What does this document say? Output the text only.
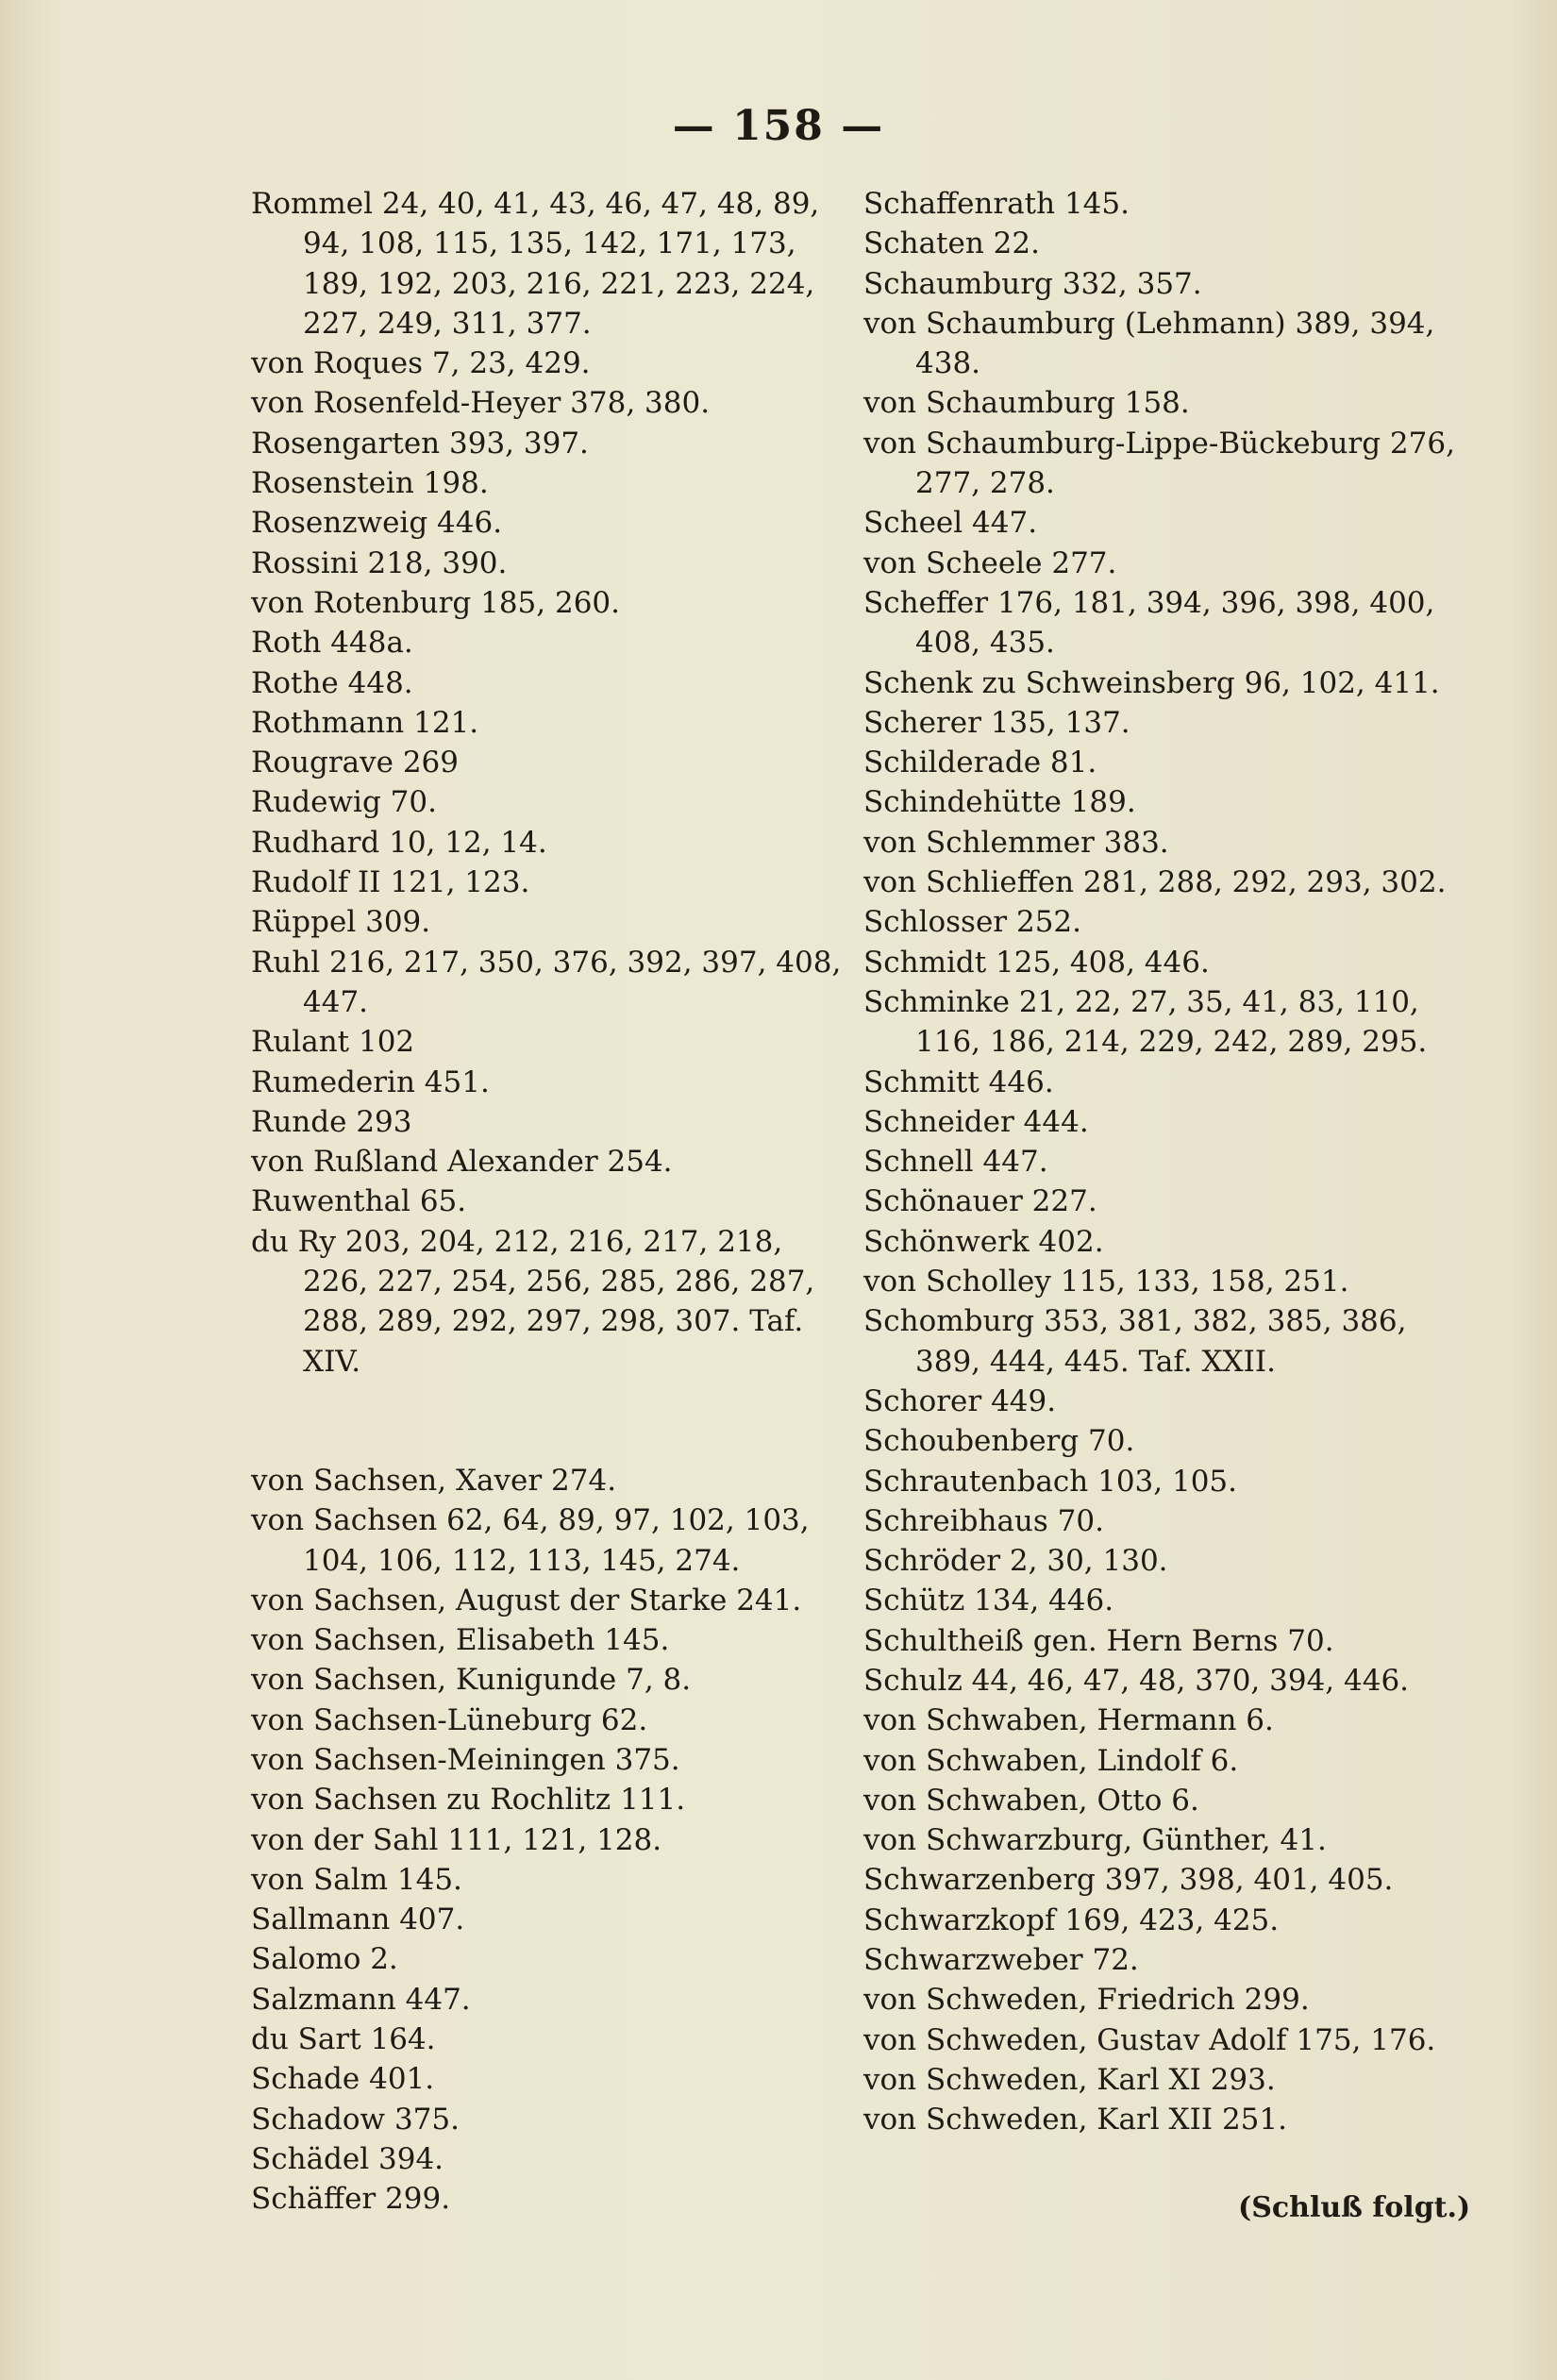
— 158 —

Rommel 24, 40, 41, 43, 46, 47, 48, 89, 94, 108, 115, 135, 142, 171, 173, 189, 192, 203, 216, 221, 223, 224, 227, 249, 311, 377.

von Roques 7, 23, 429.

von Rosenfeld-Heyer 378, 380.

Rosengarten 393, 397.

Rosenstein 198.

Rosenzweig 446.

Rossini 218, 390.

von Rotenburg 185, 260.

Roth 448a.

Rothe 448.

Rothmann 121.

Rougrave 269

Rudewig 70.

Rudhard 10, 12, 14.

Rudolf II 121, 123.

Rüppel 309.

Ruhl 216, 217, 350, 376, 392, 397, 408, 447.

Rulant 102

Rumederin 451.

Runde 293

von Rußland Alexander 254.

Ruwenthal 65.

du Ry 203, 204, 212, 216, 217, 218, 226, 227, 254, 256, 285, 286, 287, 288, 289, 292, 297, 298, 307. Taf. XIV.

von Sachsen, Xaver 274.

von Sachsen 62, 64, 89, 97, 102, 103, 104, 106, 112, 113, 145, 274.

von Sachsen, August der Starke 241.

von Sachsen, Elisabeth 145.

von Sachsen, Kunigunde 7, 8.

von Sachsen-Lüneburg 62.

von Sachsen-Meiningen 375.

von Sachsen zu Rochlitz 111.

von der Sahl 111, 121, 128.

von Salm 145.

Sallmann 407.

Salomo 2.

Salzmann 447.

du Sart 164.

Schade 401.

Schadow 375.

Schädel 394.

Schäffer 299.

Schaffenrath 145.

Schaten 22.

Schaumburg 332, 357.

von Schaumburg (Lehmann) 389, 394, 438.

von Schaumburg 158.

von Schaumburg-Lippe-Bückeburg 276, 277, 278.

Scheel 447.

von Scheele 277.

Scheffer 176, 181, 394, 396, 398, 400, 408, 435.

Schenk zu Schweinsberg 96, 102, 411.

Scherer 135, 137.

Schilderade 81.

Schindehütte 189.

von Schlemmer 383.

von Schlieffen 281, 288, 292, 293, 302.

Schlosser 252.

Schmidt 125, 408, 446.

Schminke 21, 22, 27, 35, 41, 83, 110, 116, 186, 214, 229, 242, 289, 295.

Schmitt 446.

Schneider 444.

Schnell 447.

Schönauer 227.

Schönwerk 402.

von Scholley 115, 133, 158, 251.

Schomburg 353, 381, 382, 385, 386, 389, 444, 445. Taf. XXII.

Schorer 449.

Schoubenberg 70.

Schrautenbach 103, 105.

Schreibhaus 70.

Schröder 2, 30, 130.

Schütz 134, 446.

Schultheiß gen. Hern Berns 70.

Schulz 44, 46, 47, 48, 370, 394, 446.

von Schwaben, Hermann 6.

von Schwaben, Lindolf 6.

von Schwaben, Otto 6.

von Schwarzburg, Günther, 41.

Schwarzenberg 397, 398, 401, 405.

Schwarzkopf 169, 423, 425.

Schwarzweber 72.

von Schweden, Friedrich 299.

von Schweden, Gustav Adolf 175, 176.

von Schweden, Karl XI 293.

von Schweden, Karl XII 251.

(Schluß folgt.)
